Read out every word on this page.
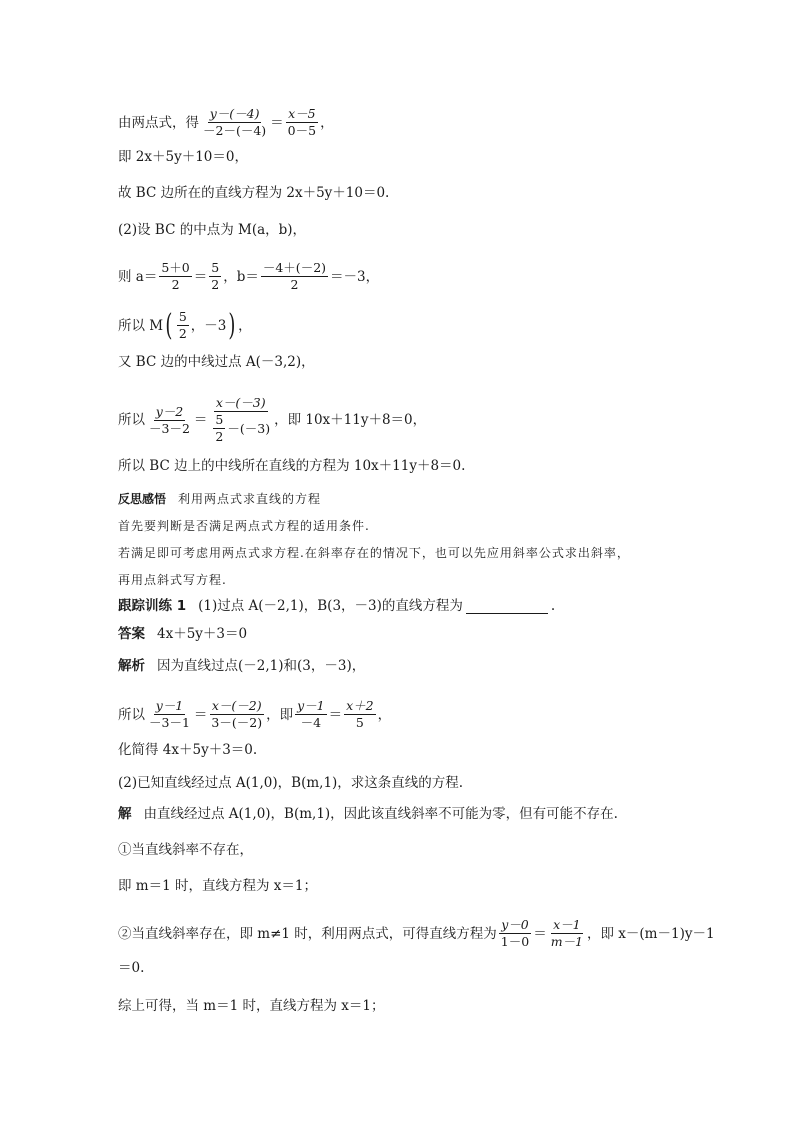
由两点式，得 $\frac{y-(-4)}{-2-(-4)} = \frac{x-5}{0-5}$ ，
即 2x＋5y＋10＝0，
故 BC 边所在的直线方程为 2x＋5y＋10＝0.
(2)设 BC 的中点为 M(a，b)，
则 $a= \frac{5+0}{2} = \frac{5}{2}$ ，$b= \frac{-4+(-2)}{2} =-3$，
所以 M ( $\frac{5}{2}$ ，－3 ) ，
又 BC 边的中线过点 A(－3,2)，
所以 $\frac{y-2}{-3-2} = \frac{x-(-3)}{\frac{5}{2} -(-3)}$ ，即 10x＋11y＋8＝0，
所以 BC 边上的中线所在直线的方程为 10x＋11y＋8＝0.
反思感悟 利用两点式求直线的方程
首先要判断是否满足两点式方程的适用条件.
若满足即可考虑用两点式求方程.在斜率存在的情况下，也可以先应用斜率公式求出斜率，
再用点斜式写方程.
跟踪训练 1 (1)过点 A(－2,1)，B(3，－3)的直线方程为	.
答案 4x＋5y＋3＝0
解析 因为直线过点(－2,1)和(3，－3)，
所以 $\frac{y-1}{-3-1} = \frac{x-(-2)}{3-(-2)}$ ，即 $\frac{y-1}{-4} = \frac{x+2}{5}$ ，
化简得 4x＋5y＋3＝0.
(2)已知直线经过点 A(1,0)，B(m,1)，求这条直线的方程.
解 由直线经过点 A(1,0)，B(m,1)，因此该直线斜率不可能为零，但有可能不存在.
①当直线斜率不存在，
即 m＝1 时，直线方程为 x＝1；
②当直线斜率存在，即 m≠1 时，利用两点式，可得直线方程为 $\frac{y-0}{1-0} = \frac{x-1}{m-1}$ ，即 x－(m－1)y－1
＝0.
综上可得，当 m＝1 时，直线方程为 x＝1；
